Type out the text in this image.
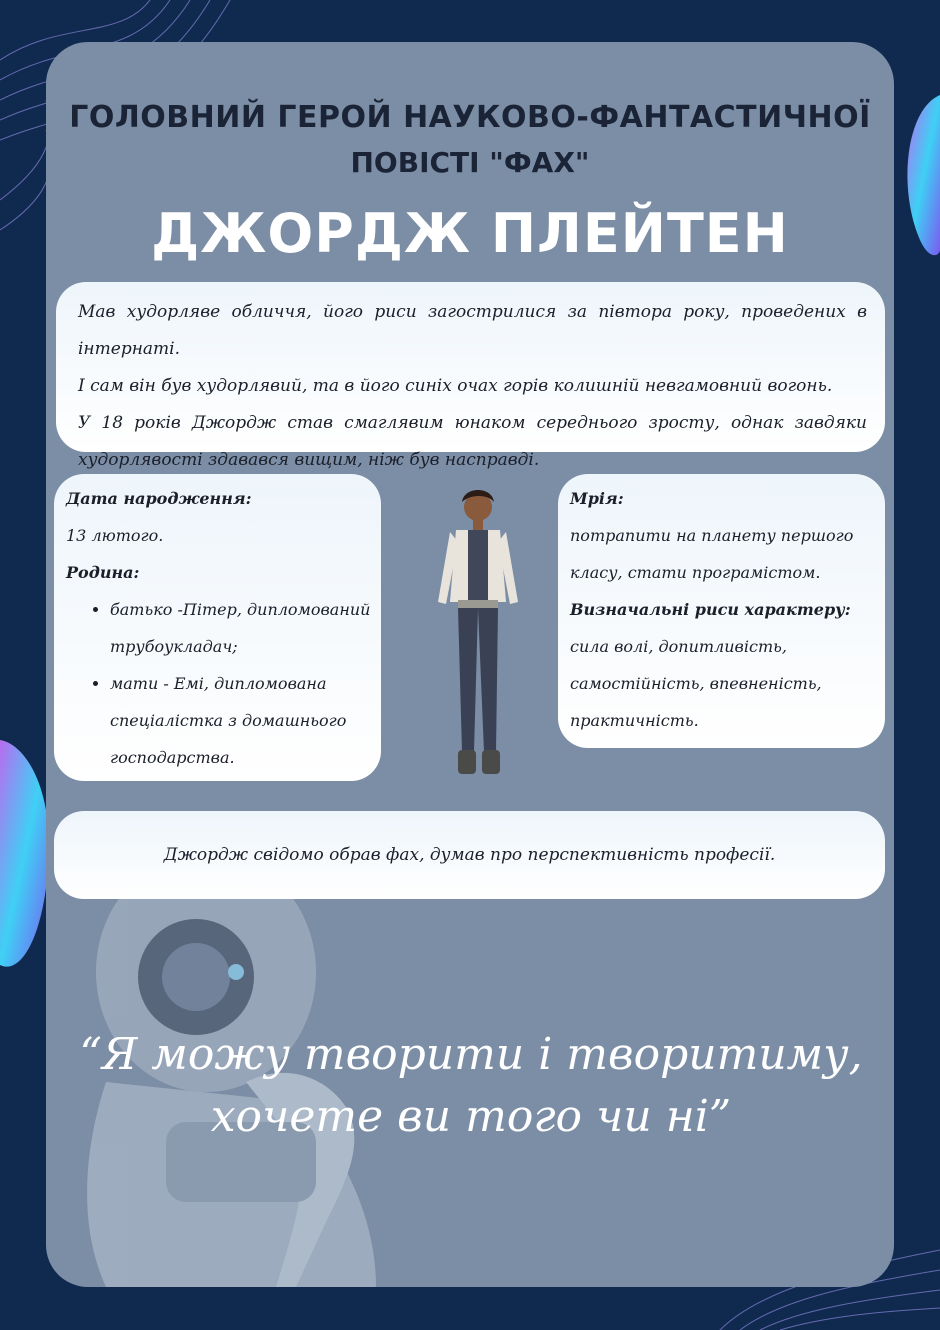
ГОЛОВНИЙ ГЕРОЙ НАУКОВО-ФАНТАСТИЧНОЇ
ПОВІСТІ "ФАХ"
ДЖОРДЖ ПЛЕЙТЕН
Мав худорляве обличчя, його риси загострилися за півтора року, проведених в інтернаті.
І сам він був худорлявий, та в його синіх очах горів колишній невгамовний вогонь.
У 18 років Джордж став смаглявим юнаком середнього зросту, однак завдяки худорлявості здавався вищим, ніж був насправді.
Дата народження:
13 лютого.
Родина:
• батько -Пітер, дипломований трубоукладач;
• мати - Емі, дипломована спеціалістка з домашнього господарства.
Мрія:
потрапити на планету першого класу, стати програмістом.
Визначальні риси характеру:
сила волі, допитливість, самостійність, впевненість, практичність.
Джордж свідомо обрав фах, думав про перспективність професії.
“Я можу творити і творитиму, хочете ви того чи ні”
